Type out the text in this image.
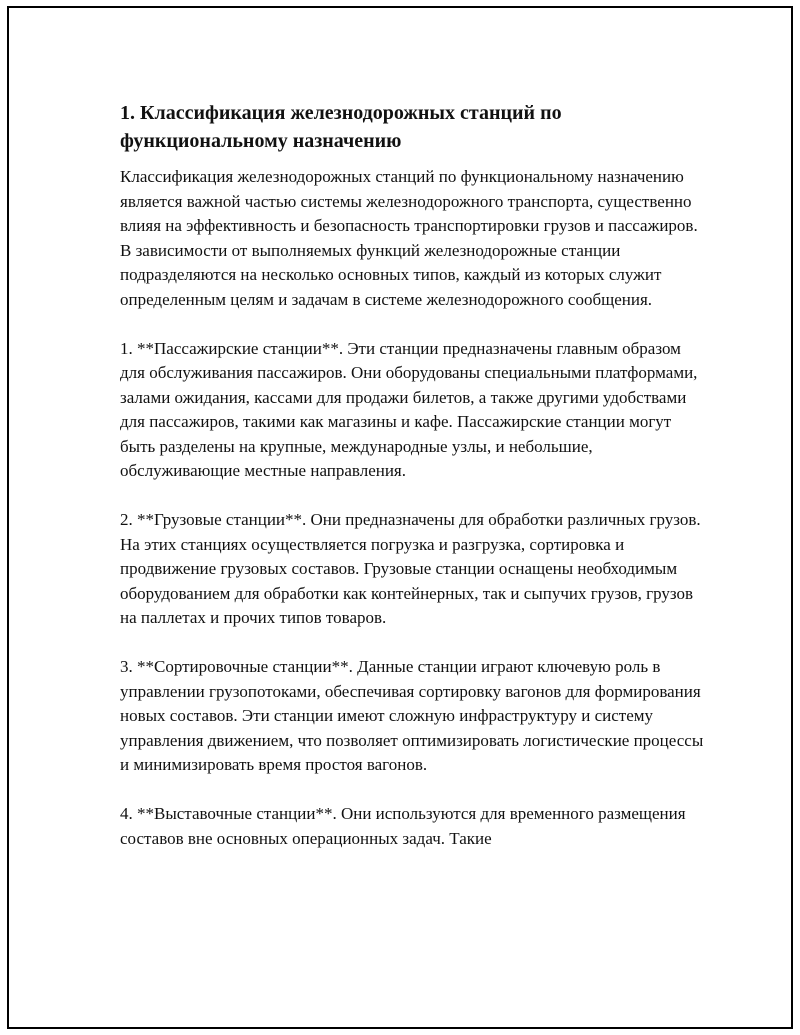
1. Классификация железнодорожных станций по функциональному назначению

Классификация железнодорожных станций по функциональному назначению является важной частью системы железнодорожного транспорта, существенно влияя на эффективность и безопасность транспортировки грузов и пассажиров. В зависимости от выполняемых функций железнодорожные станции подразделяются на несколько основных типов, каждый из которых служит определенным целям и задачам в системе железнодорожного сообщения.

1. **Пассажирские станции**. Эти станции предназначены главным образом для обслуживания пассажиров. Они оборудованы специальными платформами, залами ожидания, кассами для продажи билетов, а также другими удобствами для пассажиров, такими как магазины и кафе. Пассажирские станции могут быть разделены на крупные, международные узлы, и небольшие, обслуживающие местные направления.

2. **Грузовые станции**. Они предназначены для обработки различных грузов. На этих станциях осуществляется погрузка и разгрузка, сортировка и продвижение грузовых составов. Грузовые станции оснащены необходимым оборудованием для обработки как контейнерных, так и сыпучих грузов, грузов на паллетах и прочих типов товаров.

3. **Сортировочные станции**. Данные станции играют ключевую роль в управлении грузопотоками, обеспечивая сортировку вагонов для формирования новых составов. Эти станции имеют сложную инфраструктуру и систему управления движением, что позволяет оптимизировать логистические процессы и минимизировать время простоя вагонов.

4. **Выставочные станции**. Они используются для временного размещения составов вне основных операционных задач. Такие
